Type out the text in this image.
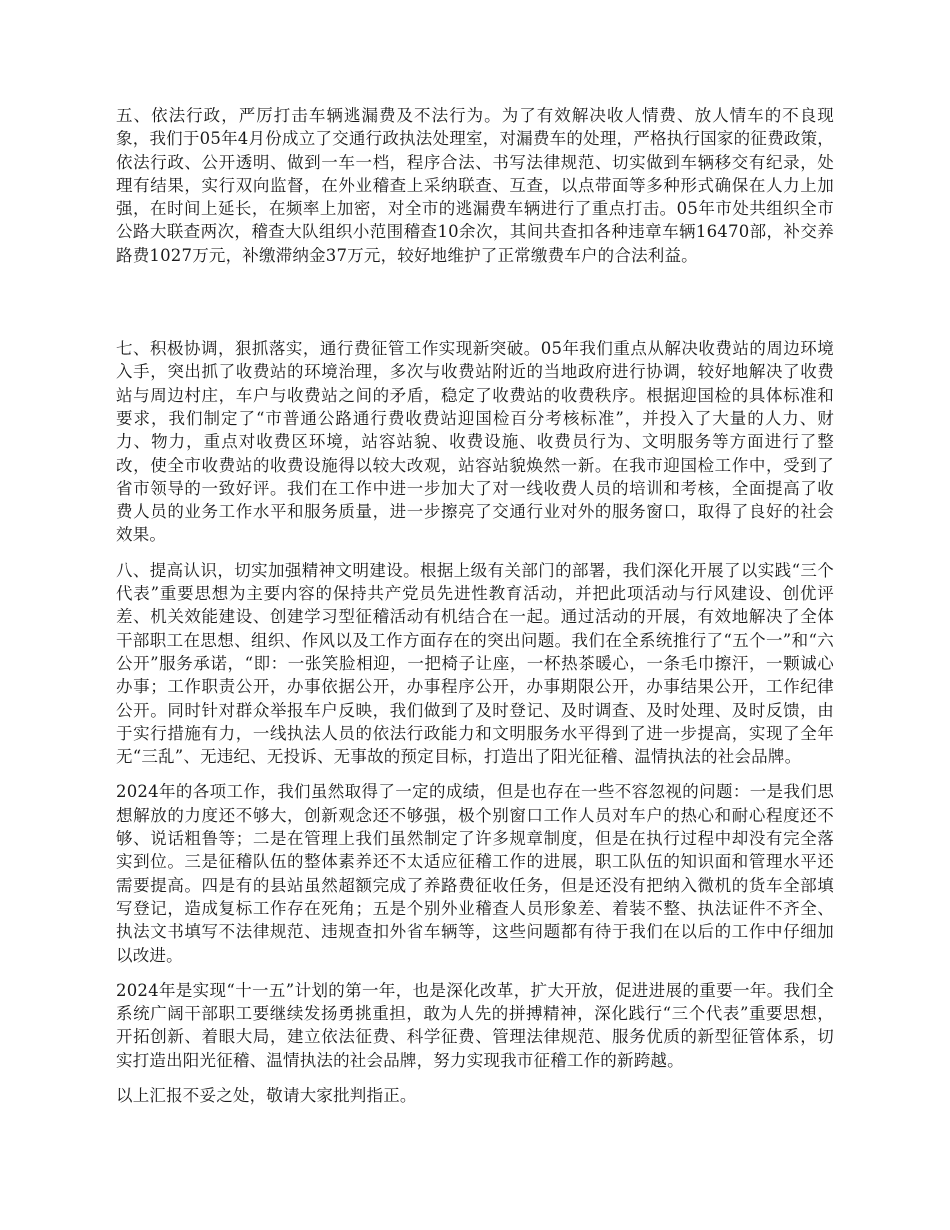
五、依法行政，严厉打击车辆逃漏费及不法行为。为了有效解决收人情费、放人情车的不良现象，我们于05年4月份成立了交通行政执法处理室，对漏费车的处理，严格执行国家的征费政策，依法行政、公开透明、做到一车一档，程序合法、书写法律规范、切实做到车辆移交有纪录，处理有结果，实行双向监督，在外业稽查上采纳联查、互查，以点带面等多种形式确保在人力上加强，在时间上延长，在频率上加密，对全市的逃漏费车辆进行了重点打击。05年市处共组织全市公路大联查两次，稽查大队组织小范围稽查10余次，其间共查扣各种违章车辆16470部，补交养路费1027万元，补缴滞纳金37万元，较好地维护了正常缴费车户的合法利益。

七、积极协调，狠抓落实，通行费征管工作实现新突破。05年我们重点从解决收费站的周边环境入手，突出抓了收费站的环境治理，多次与收费站附近的当地政府进行协调，较好地解决了收费站与周边村庄，车户与收费站之间的矛盾，稳定了收费站的收费秩序。根据迎国检的具体标准和要求，我们制定了“市普通公路通行费收费站迎国检百分考核标准”，并投入了大量的人力、财力、物力，重点对收费区环境，站容站貌、收费设施、收费员行为、文明服务等方面进行了整改，使全市收费站的收费设施得以较大改观，站容站貌焕然一新。在我市迎国检工作中，受到了省市领导的一致好评。我们在工作中进一步加大了对一线收费人员的培训和考核，全面提高了收费人员的业务工作水平和服务质量，进一步擦亮了交通行业对外的服务窗口，取得了良好的社会效果。

八、提高认识，切实加强精神文明建设。根据上级有关部门的部署，我们深化开展了以实践“三个代表”重要思想为主要内容的保持共产党员先进性教育活动，并把此项活动与行风建设、创优评差、机关效能建设、创建学习型征稽活动有机结合在一起。通过活动的开展，有效地解决了全体干部职工在思想、组织、作风以及工作方面存在的突出问题。我们在全系统推行了“五个一”和“六公开”服务承诺，“即：一张笑脸相迎，一把椅子让座，一杯热茶暖心，一条毛巾擦汗，一颗诚心办事；工作职责公开，办事依据公开，办事程序公开，办事期限公开，办事结果公开，工作纪律公开。同时针对群众举报车户反映，我们做到了及时登记、及时调查、及时处理、及时反馈，由于实行措施有力，一线执法人员的依法行政能力和文明服务水平得到了进一步提高，实现了全年无“三乱”、无违纪、无投诉、无事故的预定目标，打造出了阳光征稽、温情执法的社会品牌。

2024年的各项工作，我们虽然取得了一定的成绩，但是也存在一些不容忽视的问题：一是我们思想解放的力度还不够大，创新观念还不够强，极个别窗口工作人员对车户的热心和耐心程度还不够、说话粗鲁等；二是在管理上我们虽然制定了许多规章制度，但是在执行过程中却没有完全落实到位。三是征稽队伍的整体素养还不太适应征稽工作的进展，职工队伍的知识面和管理水平还需要提高。四是有的县站虽然超额完成了养路费征收任务，但是还没有把纳入微机的货车全部填写登记，造成复标工作存在死角；五是个别外业稽查人员形象差、着装不整、执法证件不齐全、执法文书填写不法律规范、违规查扣外省车辆等，这些问题都有待于我们在以后的工作中仔细加以改进。

2024年是实现“十一五”计划的第一年，也是深化改革，扩大开放，促进进展的重要一年。我们全系统广阔干部职工要继续发扬勇挑重担，敢为人先的拼搏精神，深化践行“三个代表”重要思想，开拓创新、着眼大局，建立依法征费、科学征费、管理法律规范、服务优质的新型征管体系，切实打造出阳光征稽、温情执法的社会品牌，努力实现我市征稽工作的新跨越。

以上汇报不妥之处，敬请大家批判指正。
